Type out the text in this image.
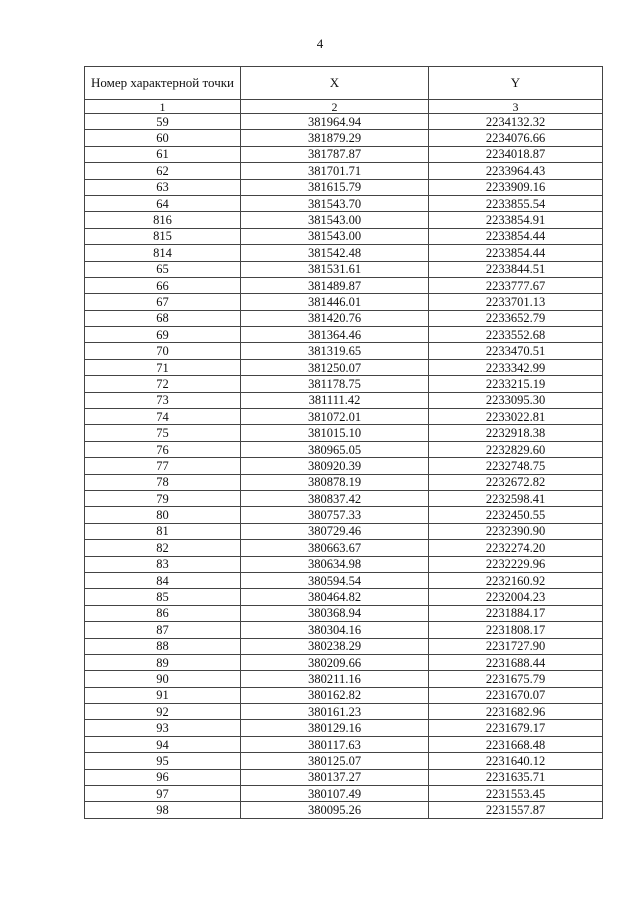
4
Номер характерной точки	X	Y
1	2	3
59	381964.94	2234132.32
60	381879.29	2234076.66
61	381787.87	2234018.87
62	381701.71	2233964.43
63	381615.79	2233909.16
64	381543.70	2233855.54
816	381543.00	2233854.91
815	381543.00	2233854.44
814	381542.48	2233854.44
65	381531.61	2233844.51
66	381489.87	2233777.67
67	381446.01	2233701.13
68	381420.76	2233652.79
69	381364.46	2233552.68
70	381319.65	2233470.51
71	381250.07	2233342.99
72	381178.75	2233215.19
73	381111.42	2233095.30
74	381072.01	2233022.81
75	381015.10	2232918.38
76	380965.05	2232829.60
77	380920.39	2232748.75
78	380878.19	2232672.82
79	380837.42	2232598.41
80	380757.33	2232450.55
81	380729.46	2232390.90
82	380663.67	2232274.20
83	380634.98	2232229.96
84	380594.54	2232160.92
85	380464.82	2232004.23
86	380368.94	2231884.17
87	380304.16	2231808.17
88	380238.29	2231727.90
89	380209.66	2231688.44
90	380211.16	2231675.79
91	380162.82	2231670.07
92	380161.23	2231682.96
93	380129.16	2231679.17
94	380117.63	2231668.48
95	380125.07	2231640.12
96	380137.27	2231635.71
97	380107.49	2231553.45
98	380095.26	2231557.87
